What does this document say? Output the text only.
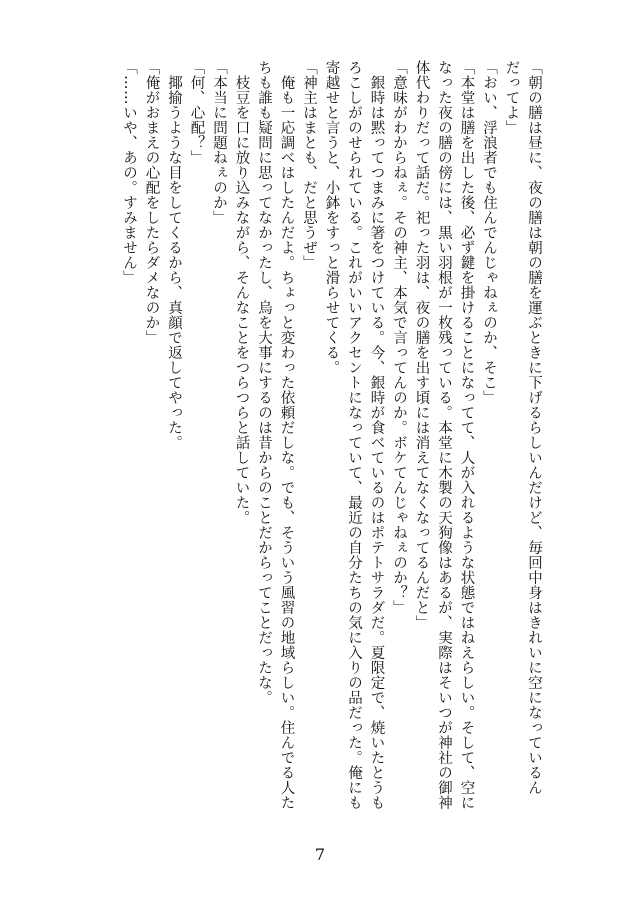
「朝の膳は昼に、夜の膳は朝の膳を運ぶときに下げるらしいんだけど、毎回中身はきれいに空になっているん
だってよ」
「おい、浮浪者でも住んでんじゃねぇのか、そこ」
「本堂は膳を出した後、必ず鍵を掛けることになってて、人が入れるような状態ではねえらしい。そして、空に
なった夜の膳の傍には、黒い羽根が一枚残っている。本堂に木製の天狗像はあるが、実際はそいつが神社の御神
体代わりだって話だ。祀った羽は、夜の膳を出す頃には消えてなくなってるんだと」
「意味がわからねぇ。その神主、本気で言ってんのか。ボケてんじゃねぇのか？」
　銀時は黙ってつまみに箸をつけている。今、銀時が食べているのはポテトサラダだ。夏限定で、焼いたとうも
ろこしがのせられている。これがいいアクセントになっていて、最近の自分たちの気に入りの品だった。俺にも
寄越せと言うと、小鉢をすっと滑らせてくる。
「神主はまとも、だと思うぜ」
　俺も一応調べはしたんだよ。ちょっと変わった依頼だしな。でも、そういう風習の地域らしい。住んでる人た
ちも誰も疑問に思ってなかったし、烏を大事にするのは昔からのことだからってことだったな。
　枝豆を口に放り込みながら、そんなことをつらつらと話していた。
「本当に問題ねぇのか」
「何、心配？」
　揶揄うような目をしてくるから、真顔で返してやった。
「俺がおまえの心配をしたらダメなのか」
「……いや、あの。すみません」
7
